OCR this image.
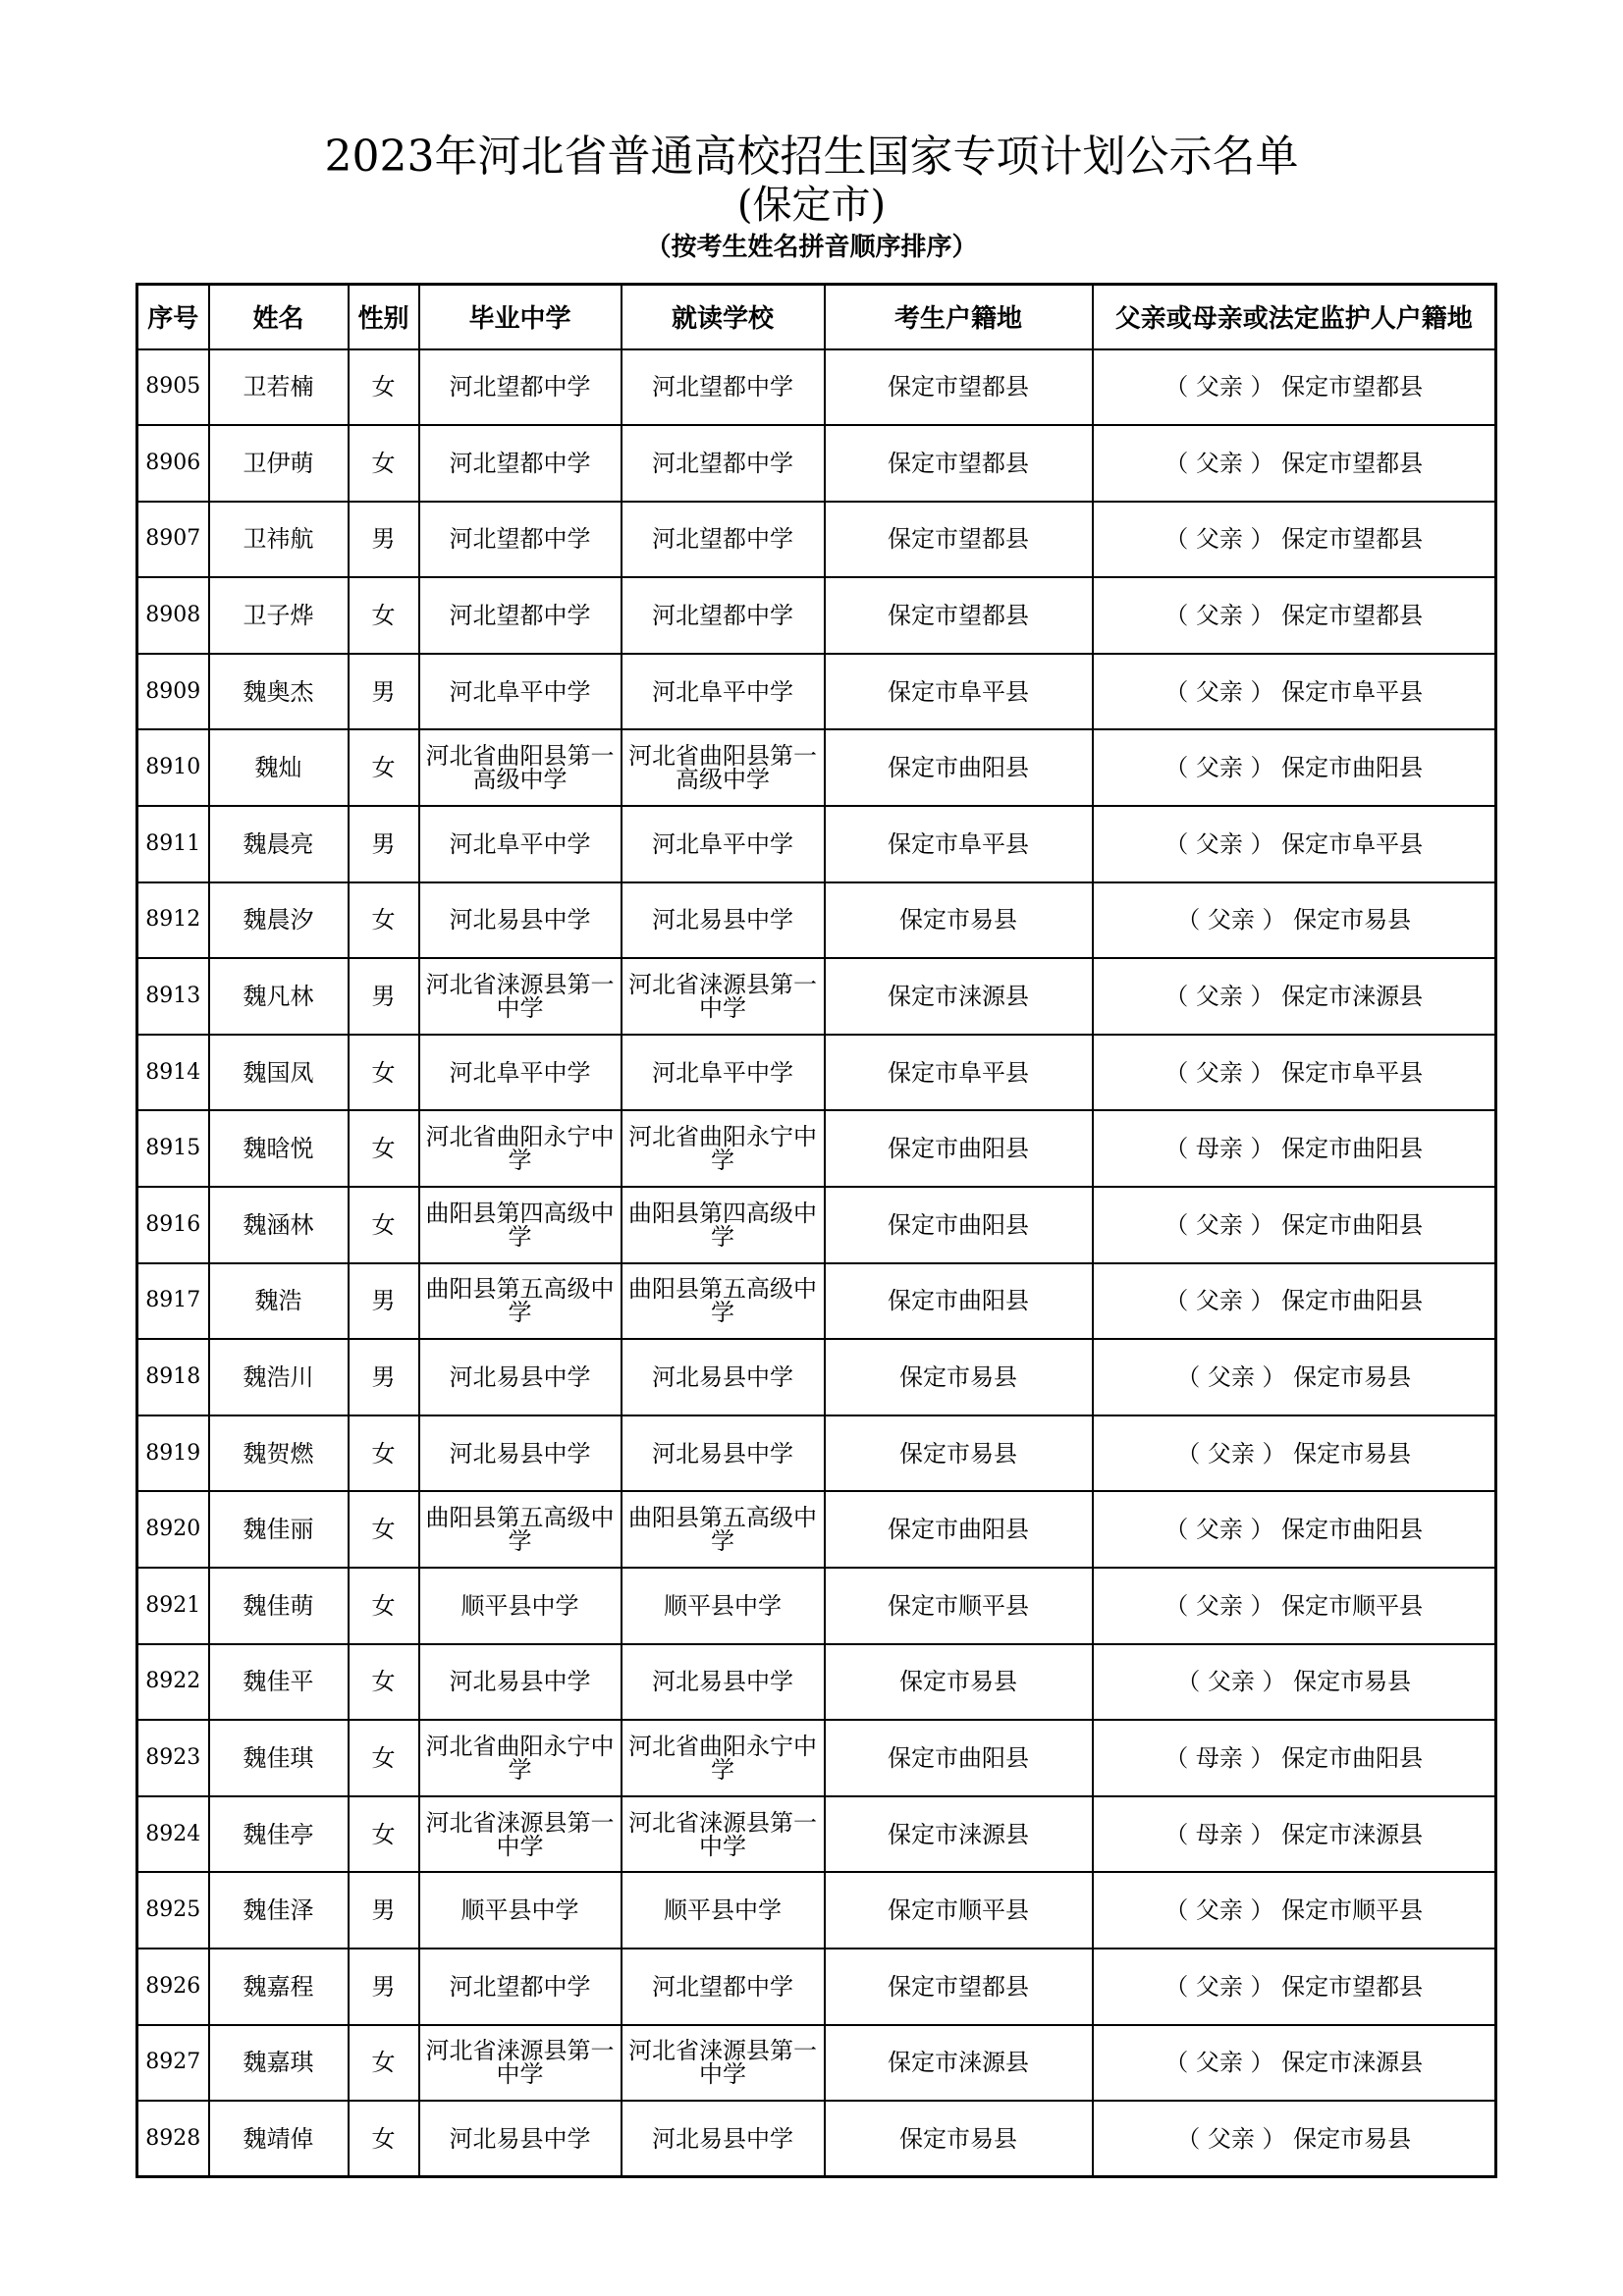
2023年河北省普通高校招生国家专项计划公示名单
(保定市)
（按考生姓名拼音顺序排序）
序号	姓名	性别	毕业中学	就读学校	考生户籍地	父亲或母亲或法定监护人户籍地
8905	卫若楠	女	河北望都中学	河北望都中学	保定市望都县	（ 父亲 ） 保定市望都县
8906	卫伊萌	女	河北望都中学	河北望都中学	保定市望都县	（ 父亲 ） 保定市望都县
8907	卫祎航	男	河北望都中学	河北望都中学	保定市望都县	（ 父亲 ） 保定市望都县
8908	卫子烨	女	河北望都中学	河北望都中学	保定市望都县	（ 父亲 ） 保定市望都县
8909	魏奥杰	男	河北阜平中学	河北阜平中学	保定市阜平县	（ 父亲 ） 保定市阜平县
8910	魏灿	女	河北省曲阳县第一高级中学	河北省曲阳县第一高级中学	保定市曲阳县	（ 父亲 ） 保定市曲阳县
8911	魏晨亮	男	河北阜平中学	河北阜平中学	保定市阜平县	（ 父亲 ） 保定市阜平县
8912	魏晨汐	女	河北易县中学	河北易县中学	保定市易县	（ 父亲 ） 保定市易县
8913	魏凡林	男	河北省涞源县第一中学	河北省涞源县第一中学	保定市涞源县	（ 父亲 ） 保定市涞源县
8914	魏国凤	女	河北阜平中学	河北阜平中学	保定市阜平县	（ 父亲 ） 保定市阜平县
8915	魏晗悦	女	河北省曲阳永宁中学	河北省曲阳永宁中学	保定市曲阳县	（ 母亲 ） 保定市曲阳县
8916	魏涵林	女	曲阳县第四高级中学	曲阳县第四高级中学	保定市曲阳县	（ 父亲 ） 保定市曲阳县
8917	魏浩	男	曲阳县第五高级中学	曲阳县第五高级中学	保定市曲阳县	（ 父亲 ） 保定市曲阳县
8918	魏浩川	男	河北易县中学	河北易县中学	保定市易县	（ 父亲 ） 保定市易县
8919	魏贺燃	女	河北易县中学	河北易县中学	保定市易县	（ 父亲 ） 保定市易县
8920	魏佳丽	女	曲阳县第五高级中学	曲阳县第五高级中学	保定市曲阳县	（ 父亲 ） 保定市曲阳县
8921	魏佳萌	女	顺平县中学	顺平县中学	保定市顺平县	（ 父亲 ） 保定市顺平县
8922	魏佳平	女	河北易县中学	河北易县中学	保定市易县	（ 父亲 ） 保定市易县
8923	魏佳琪	女	河北省曲阳永宁中学	河北省曲阳永宁中学	保定市曲阳县	（ 母亲 ） 保定市曲阳县
8924	魏佳亭	女	河北省涞源县第一中学	河北省涞源县第一中学	保定市涞源县	（ 母亲 ） 保定市涞源县
8925	魏佳泽	男	顺平县中学	顺平县中学	保定市顺平县	（ 父亲 ） 保定市顺平县
8926	魏嘉程	男	河北望都中学	河北望都中学	保定市望都县	（ 父亲 ） 保定市望都县
8927	魏嘉琪	女	河北省涞源县第一中学	河北省涞源县第一中学	保定市涞源县	（ 父亲 ） 保定市涞源县
8928	魏靖倬	女	河北易县中学	河北易县中学	保定市易县	（ 父亲 ） 保定市易县
